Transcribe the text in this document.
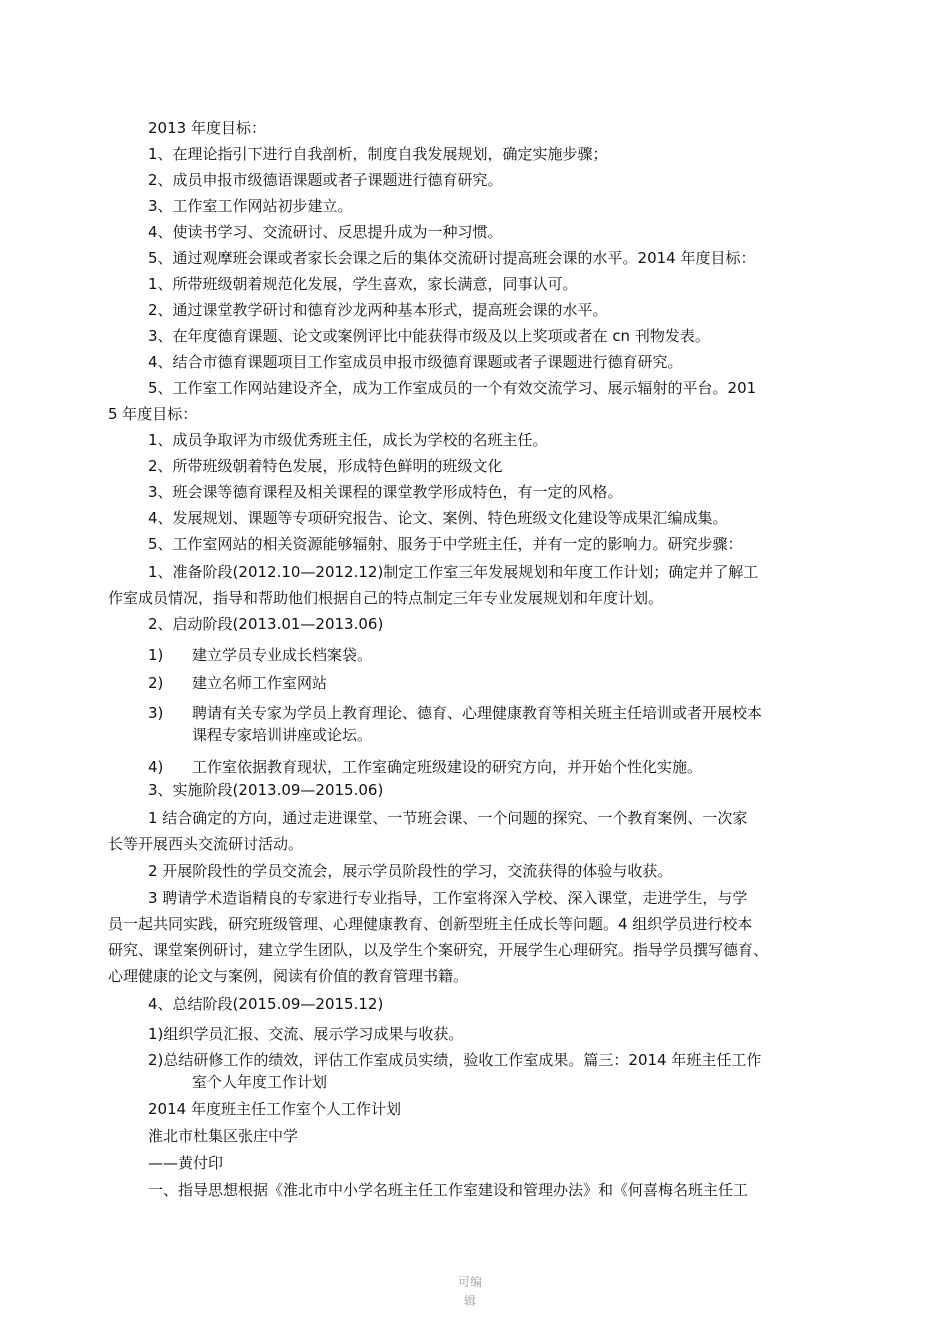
2013 年度目标：
1、在理论指引下进行自我剖析，制度自我发展规划，确定实施步骤；
2、成员申报市级德语课题或者子课题进行德育研究。
3、工作室工作网站初步建立。
4、使读书学习、交流研讨、反思提升成为一种习惯。
5、通过观摩班会课或者家长会课之后的集体交流研讨提高班会课的水平。2014 年度目标：
1、所带班级朝着规范化发展，学生喜欢，家长满意，同事认可。
2、通过课堂教学研讨和德育沙龙两种基本形式，提高班会课的水平。
3、在年度德育课题、论文或案例评比中能获得市级及以上奖项或者在 cn 刊物发表。
4、结合市德育课题项目工作室成员申报市级德育课题或者子课题进行德育研究。
5、工作室工作网站建设齐全，成为工作室成员的一个有效交流学习、展示辐射的平台。201
5 年度目标：
1、成员争取评为市级优秀班主任，成长为学校的名班主任。
2、所带班级朝着特色发展，形成特色鲜明的班级文化
3、班会课等德育课程及相关课程的课堂教学形成特色，有一定的风格。
4、发展规划、课题等专项研究报告、论文、案例、特色班级文化建设等成果汇编成集。
5、工作室网站的相关资源能够辐射、服务于中学班主任，并有一定的影响力。研究步骤：
1、准备阶段(2012.10—2012.12)制定工作室三年发展规划和年度工作计划；确定并了解工
作室成员情况，指导和帮助他们根据自己的特点制定三年专业发展规划和年度计划。
2、启动阶段(2013.01—2013.06)
1) 建立学员专业成长档案袋。
2) 建立名师工作室网站
3) 聘请有关专家为学员上教育理论、德育、心理健康教育等相关班主任培训或者开展校本
课程专家培训讲座或论坛。
4) 工作室依据教育现状，工作室确定班级建设的研究方向，并开始个性化实施。
3、实施阶段(2013.09—2015.06)
1 结合确定的方向，通过走进课堂、一节班会课、一个问题的探究、一个教育案例、一次家
长等开展西头交流研讨活动。
2 开展阶段性的学员交流会，展示学员阶段性的学习，交流获得的体验与收获。
3 聘请学术造诣精良的专家进行专业指导，工作室将深入学校、深入课堂，走进学生，与学
员一起共同实践，研究班级管理、心理健康教育、创新型班主任成长等问题。4 组织学员进行校本
研究、课堂案例研讨，建立学生团队，以及学生个案研究，开展学生心理研究。指导学员撰写德育、
心理健康的论文与案例，阅读有价值的教育管理书籍。
4、总结阶段(2015.09—2015.12)
1)组织学员汇报、交流、展示学习成果与收获。
2)总结研修工作的绩效，评估工作室成员实绩，验收工作室成果。篇三：2014 年班主任工作
室个人年度工作计划
2014 年度班主任工作室个人工作计划
淮北市杜集区张庄中学
——黄付印
一、指导思想根据《淮北市中小学名班主任工作室建设和管理办法》和《何喜梅名班主任工
可编
辑
